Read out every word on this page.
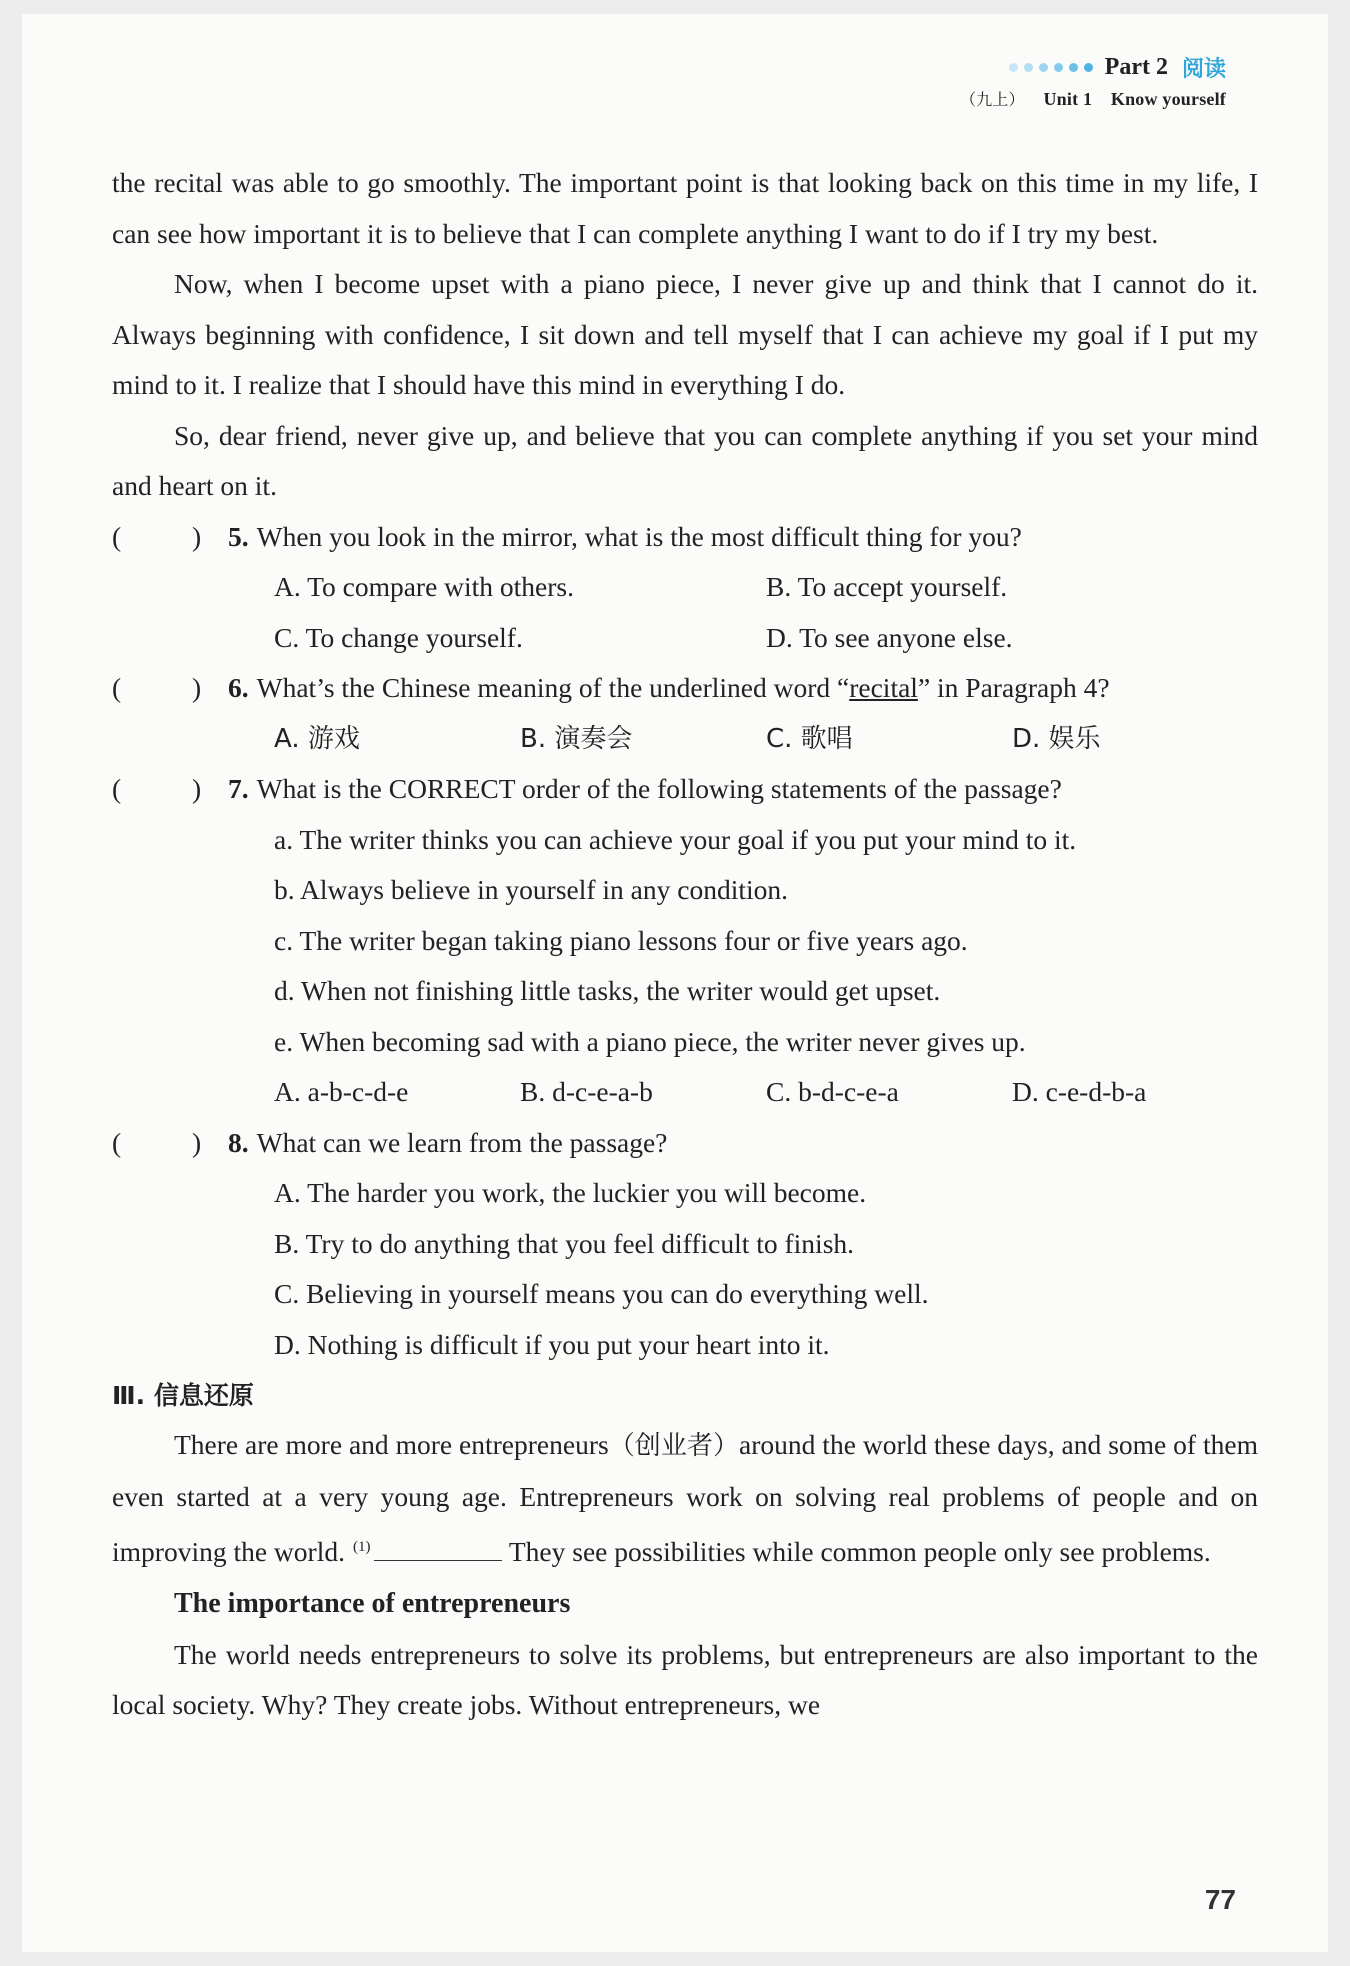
Part 2 阅读
（九上） Unit 1 Know yourself

the recital was able to go smoothly. The important point is that looking back on this time in my life, I can see how important it is to believe that I can complete anything I want to do if I try my best.

Now, when I become upset with a piano piece, I never give up and think that I cannot do it. Always beginning with confidence, I sit down and tell myself that I can achieve my goal if I put my mind to it. I realize that I should have this mind in everything I do.

So, dear friend, never give up, and believe that you can complete anything if you set your mind and heart on it.

(	) 5. When you look in the mirror, what is the most difficult thing for you?
A. To compare with others.	B. To accept yourself.
C. To change yourself.	D. To see anyone else.
(	) 6. What’s the Chinese meaning of the underlined word “recital” in Paragraph 4?
A. 游戏	B. 演奏会	C. 歌唱	D. 娱乐
(	) 7. What is the CORRECT order of the following statements of the passage?
a. The writer thinks you can achieve your goal if you put your mind to it.
b. Always believe in yourself in any condition.
c. The writer began taking piano lessons four or five years ago.
d. When not finishing little tasks, the writer would get upset.
e. When becoming sad with a piano piece, the writer never gives up.
A. a-b-c-d-e	B. d-c-e-a-b	C. b-d-c-e-a	D. c-e-d-b-a
(	) 8. What can we learn from the passage?
A. The harder you work, the luckier you will become.
B. Try to do anything that you feel difficult to finish.
C. Believing in yourself means you can do everything well.
D. Nothing is difficult if you put your heart into it.
Ⅲ. 信息还原

There are more and more entrepreneurs（创业者）around the world these days, and some of them even started at a very young age. Entrepreneurs work on solving real problems of people and on improving the world. $^{(1)}$	They see possibilities while common people only see problems.

The importance of entrepreneurs

The world needs entrepreneurs to solve its problems, but entrepreneurs are also important to the local society. Why? They create jobs. Without entrepreneurs, we

77
